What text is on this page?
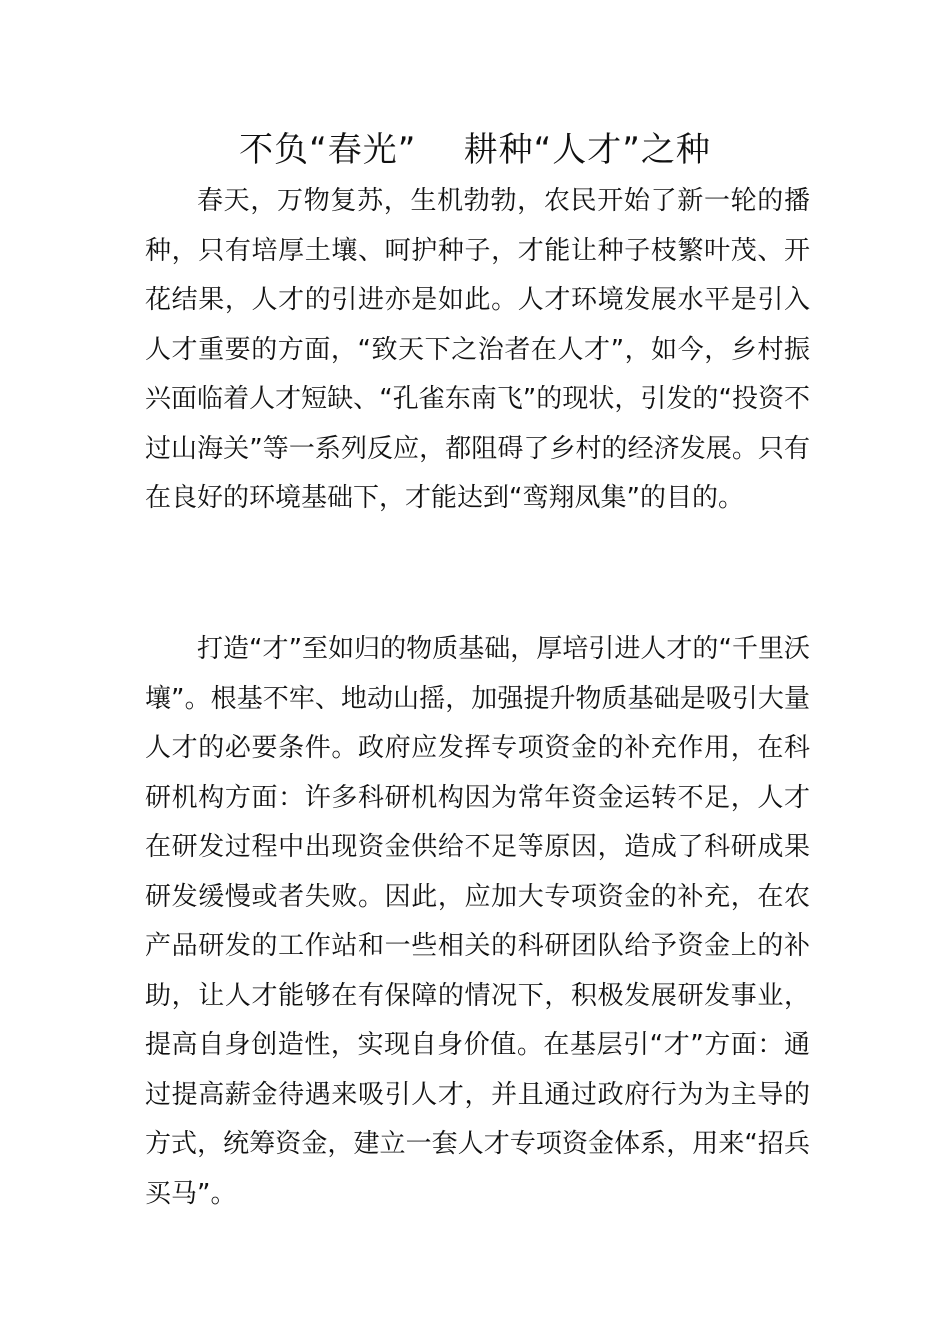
不负“春光”    耕种“人才”之种

春天，万物复苏，生机勃勃，农民开始了新一轮的播种，只有培厚土壤、呵护种子，才能让种子枝繁叶茂、开花结果，人才的引进亦是如此。人才环境发展水平是引入人才重要的方面，“致天下之治者在人才”，如今，乡村振兴面临着人才短缺、“孔雀东南飞”的现状，引发的“投资不过山海关”等一系列反应，都阻碍了乡村的经济发展。只有在良好的环境基础下，才能达到“鸾翔凤集”的目的。

打造“才”至如归的物质基础，厚培引进人才的“千里沃壤”。根基不牢、地动山摇，加强提升物质基础是吸引大量人才的必要条件。政府应发挥专项资金的补充作用，在科研机构方面：许多科研机构因为常年资金运转不足，人才在研发过程中出现资金供给不足等原因，造成了科研成果研发缓慢或者失败。因此，应加大专项资金的补充，在农产品研发的工作站和一些相关的科研团队给予资金上的补助，让人才能够在有保障的情况下，积极发展研发事业，提高自身创造性，实现自身价值。在基层引“才”方面：通过提高薪金待遇来吸引人才，并且通过政府行为为主导的方式，统筹资金，建立一套人才专项资金体系，用来“招兵买马”。
